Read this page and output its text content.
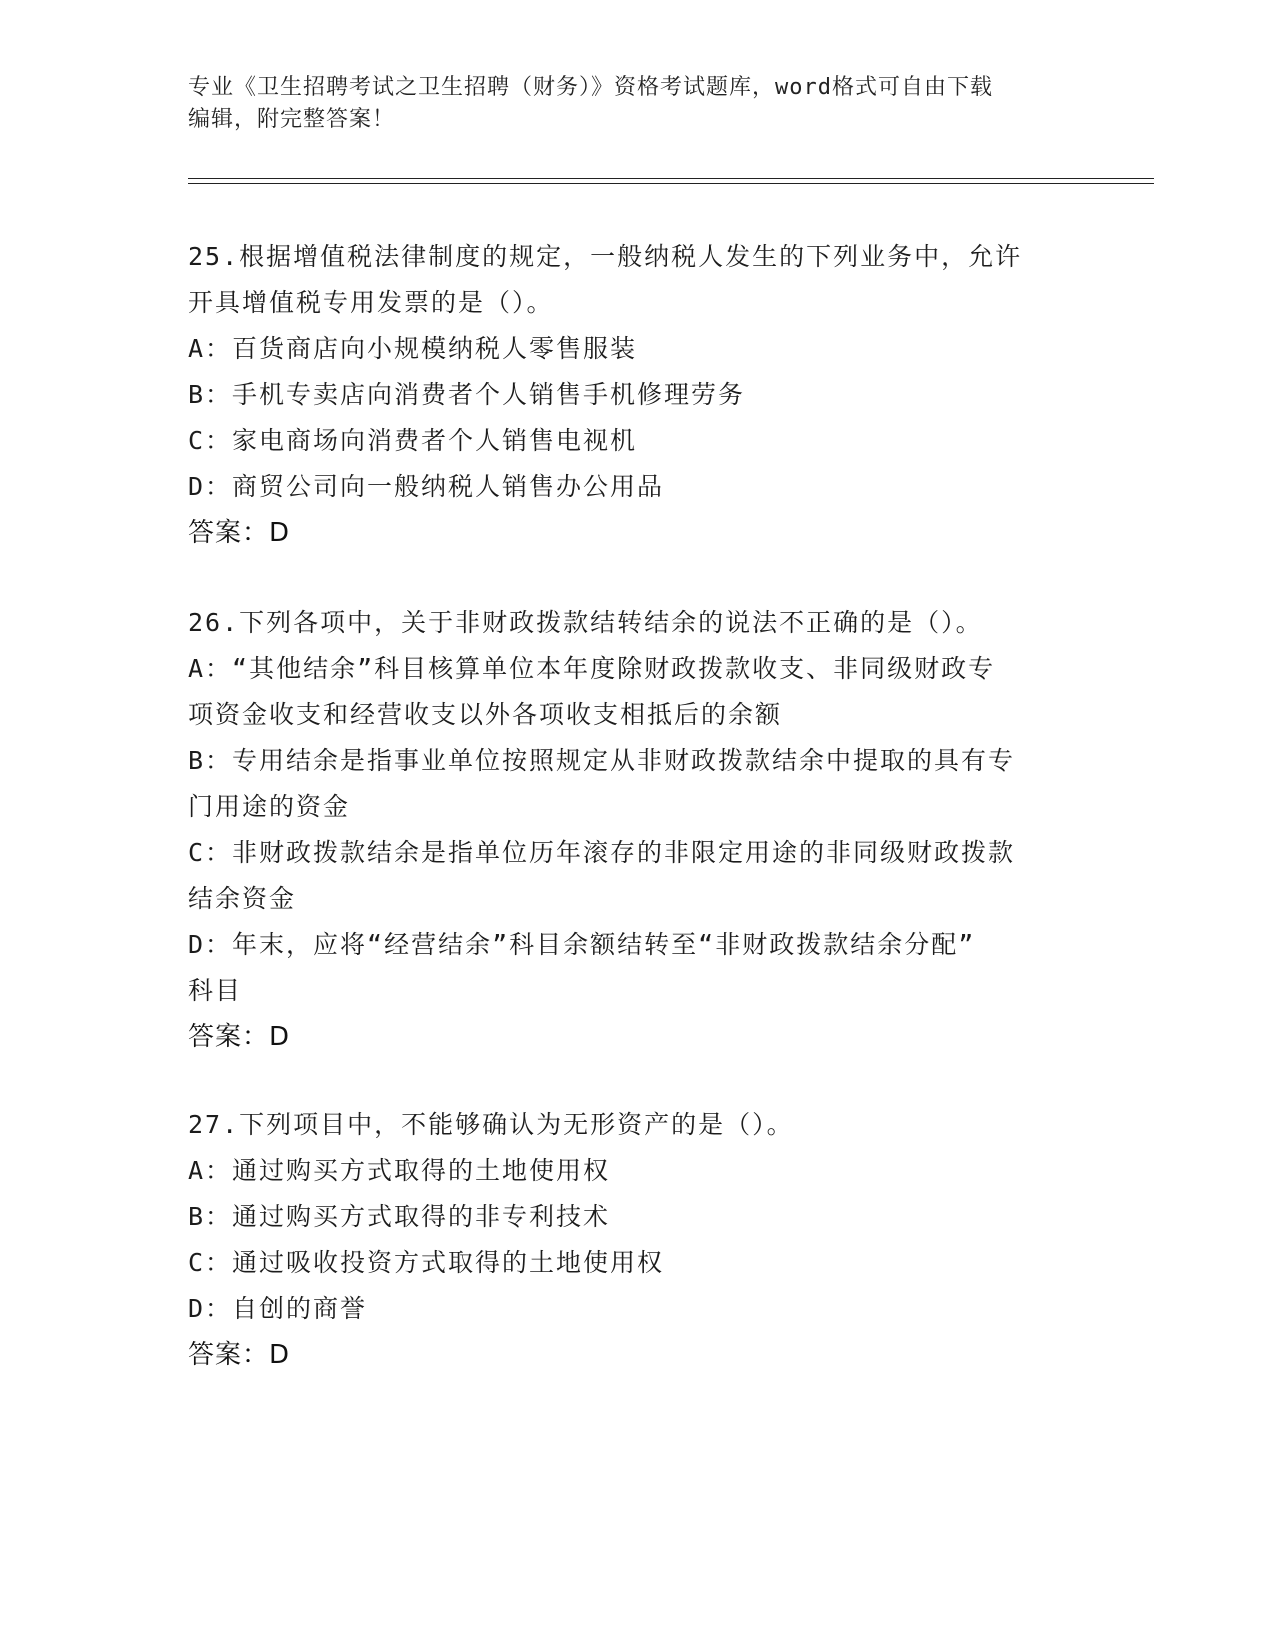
专业《卫生招聘考试之卫生招聘（财务）》资格考试题库，word格式可自由下载
编辑，附完整答案！
25.根据增值税法律制度的规定，一般纳税人发生的下列业务中，允许
开具增值税专用发票的是（）。
A：百货商店向小规模纳税人零售服装
B：手机专卖店向消费者个人销售手机修理劳务
C：家电商场向消费者个人销售电视机
D：商贸公司向一般纳税人销售办公用品
答案：D
26.下列各项中，关于非财政拨款结转结余的说法不正确的是（）。
A：“其他结余”科目核算单位本年度除财政拨款收支、非同级财政专
项资金收支和经营收支以外各项收支相抵后的余额
B：专用结余是指事业单位按照规定从非财政拨款结余中提取的具有专
门用途的资金
C：非财政拨款结余是指单位历年滚存的非限定用途的非同级财政拨款
结余资金
D：年末，应将“经营结余”科目余额结转至“非财政拨款结余分配”
科目
答案：D
27.下列项目中，不能够确认为无形资产的是（）。
A：通过购买方式取得的土地使用权
B：通过购买方式取得的非专利技术
C：通过吸收投资方式取得的土地使用权
D：自创的商誉
答案：D
